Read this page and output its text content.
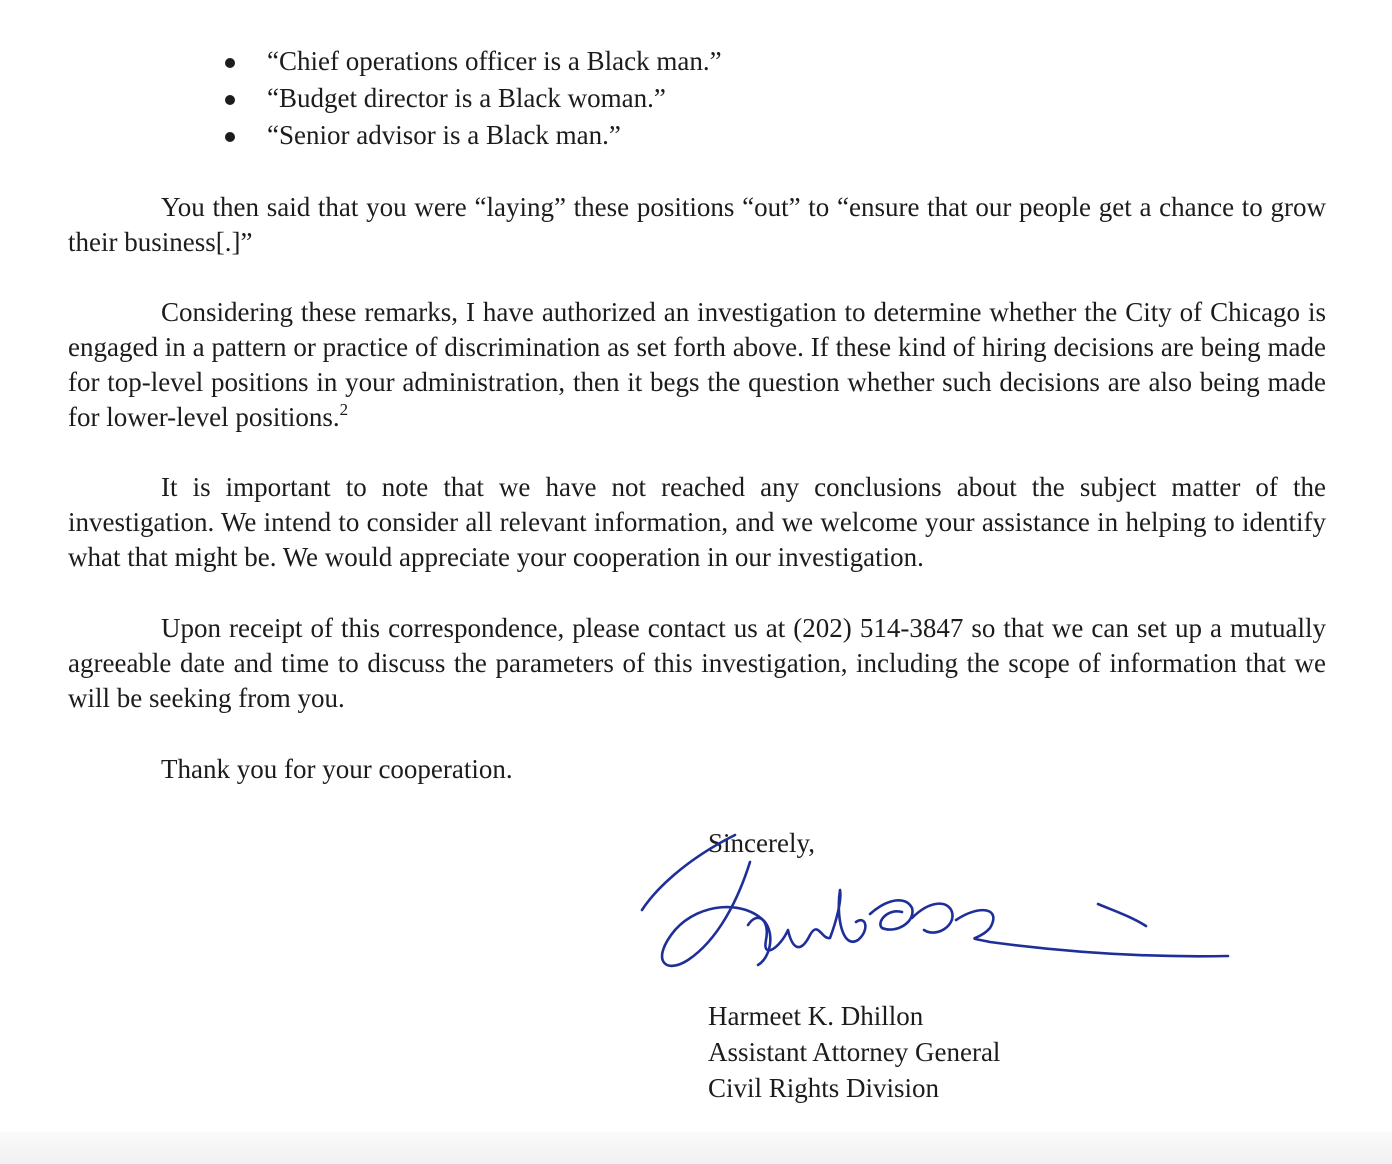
“Chief operations officer is a Black man.”
“Budget director is a Black woman.”
“Senior advisor is a Black man.”

You then said that you were “laying” these positions “out” to “ensure that our people get a chance to grow their business[.]”

Considering these remarks, I have authorized an investigation to determine whether the City of Chicago is engaged in a pattern or practice of discrimination as set forth above. If these kind of hiring decisions are being made for top-level positions in your administration, then it begs the question whether such decisions are also being made for lower-level positions.$^2$

It is important to note that we have not reached any conclusions about the subject matter of the investigation. We intend to consider all relevant information, and we welcome your assistance in helping to identify what that might be. We would appreciate your cooperation in our investigation.

Upon receipt of this correspondence, please contact us at (202) 514-3847 so that we can set up a mutually agreeable date and time to discuss the parameters of this investigation, including the scope of information that we will be seeking from you.

Thank you for your cooperation.

Sincerely,
Harmeet K. Dhillon
Assistant Attorney General
Civil Rights Division
